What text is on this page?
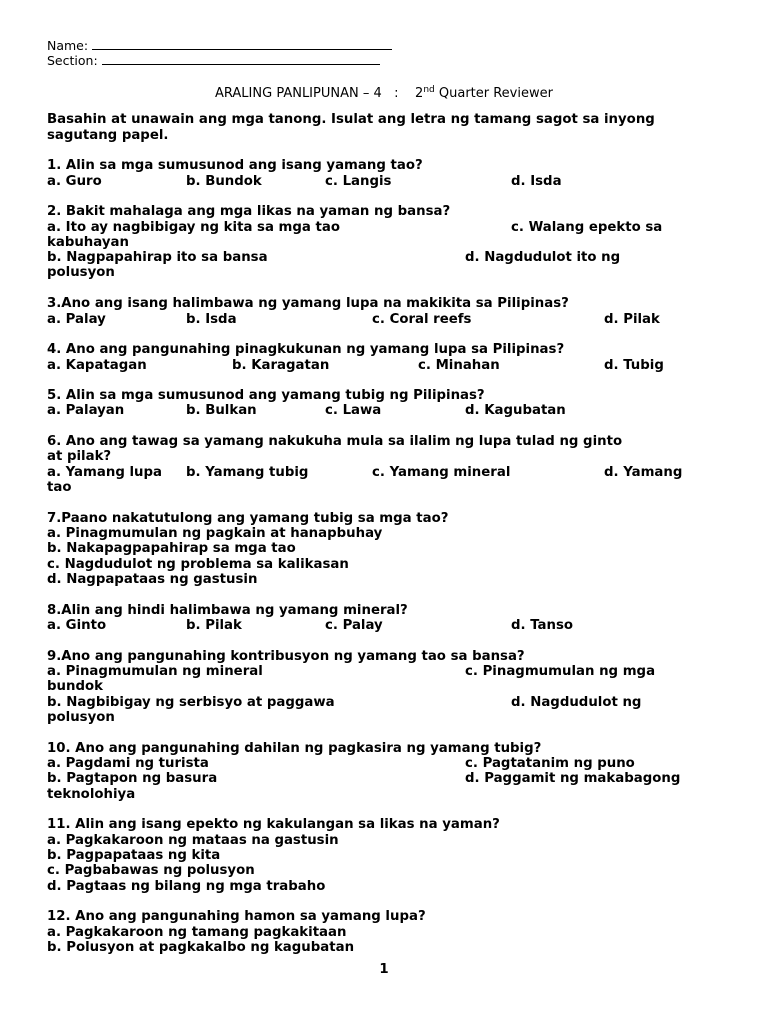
Name:
Section:
ARALING PANLIPUNAN – 4   :    2nd Quarter Reviewer
Basahin at unawain ang mga tanong. Isulat ang letra ng tamang sagot sa inyong sagutang papel.
1. Alin sa mga sumusunod ang isang yamang tao?
a. Guro	b. Bundok	c. Langis	d. Isda
2. Bakit mahalaga ang mga likas na yaman ng bansa?
a. Ito ay nagbibigay ng kita sa mga tao	c. Walang epekto sa
kabuhayan
b. Nagpapahirap ito sa bansa	d. Nagdudulot ito ng
polusyon
3.Ano ang isang halimbawa ng yamang lupa na makikita sa Pilipinas?
a. Palay	b. Isda	c. Coral reefs	d. Pilak
4. Ano ang pangunahing pinagkukunan ng yamang lupa sa Pilipinas?
a. Kapatagan	b. Karagatan	c. Minahan	d. Tubig
5. Alin sa mga sumusunod ang yamang tubig ng Pilipinas?
a. Palayan	b. Bulkan	c. Lawa	d. Kagubatan
6. Ano ang tawag sa yamang nakukuha mula sa ilalim ng lupa tulad ng ginto
at pilak?
a. Yamang lupa b. Yamang tubig	c. Yamang mineral	d. Yamang
tao
7.Paano nakatutulong ang yamang tubig sa mga tao?
a. Pinagmumulan ng pagkain at hanapbuhay
b. Nakapagpapahirap sa mga tao
c. Nagdudulot ng problema sa kalikasan
d. Nagpapataas ng gastusin
8.Alin ang hindi halimbawa ng yamang mineral?
a. Ginto	b. Pilak	c. Palay	d. Tanso
9.Ano ang pangunahing kontribusyon ng yamang tao sa bansa?
a. Pinagmumulan ng mineral	c. Pinagmumulan ng mga
bundok
b. Nagbibigay ng serbisyo at paggawa	d. Nagdudulot ng
polusyon
10. Ano ang pangunahing dahilan ng pagkasira ng yamang tubig?
a. Pagdami ng turista	c. Pagtatanim ng puno
b. Pagtapon ng basura	d. Paggamit ng makabagong
teknolohiya
11. Alin ang isang epekto ng kakulangan sa likas na yaman?
a. Pagkakaroon ng mataas na gastusin
b. Pagpapataas ng kita
c. Pagbabawas ng polusyon
d. Pagtaas ng bilang ng mga trabaho
12. Ano ang pangunahing hamon sa yamang lupa?
a. Pagkakaroon ng tamang pagkakitaan
b. Polusyon at pagkakalbo ng kagubatan
1
